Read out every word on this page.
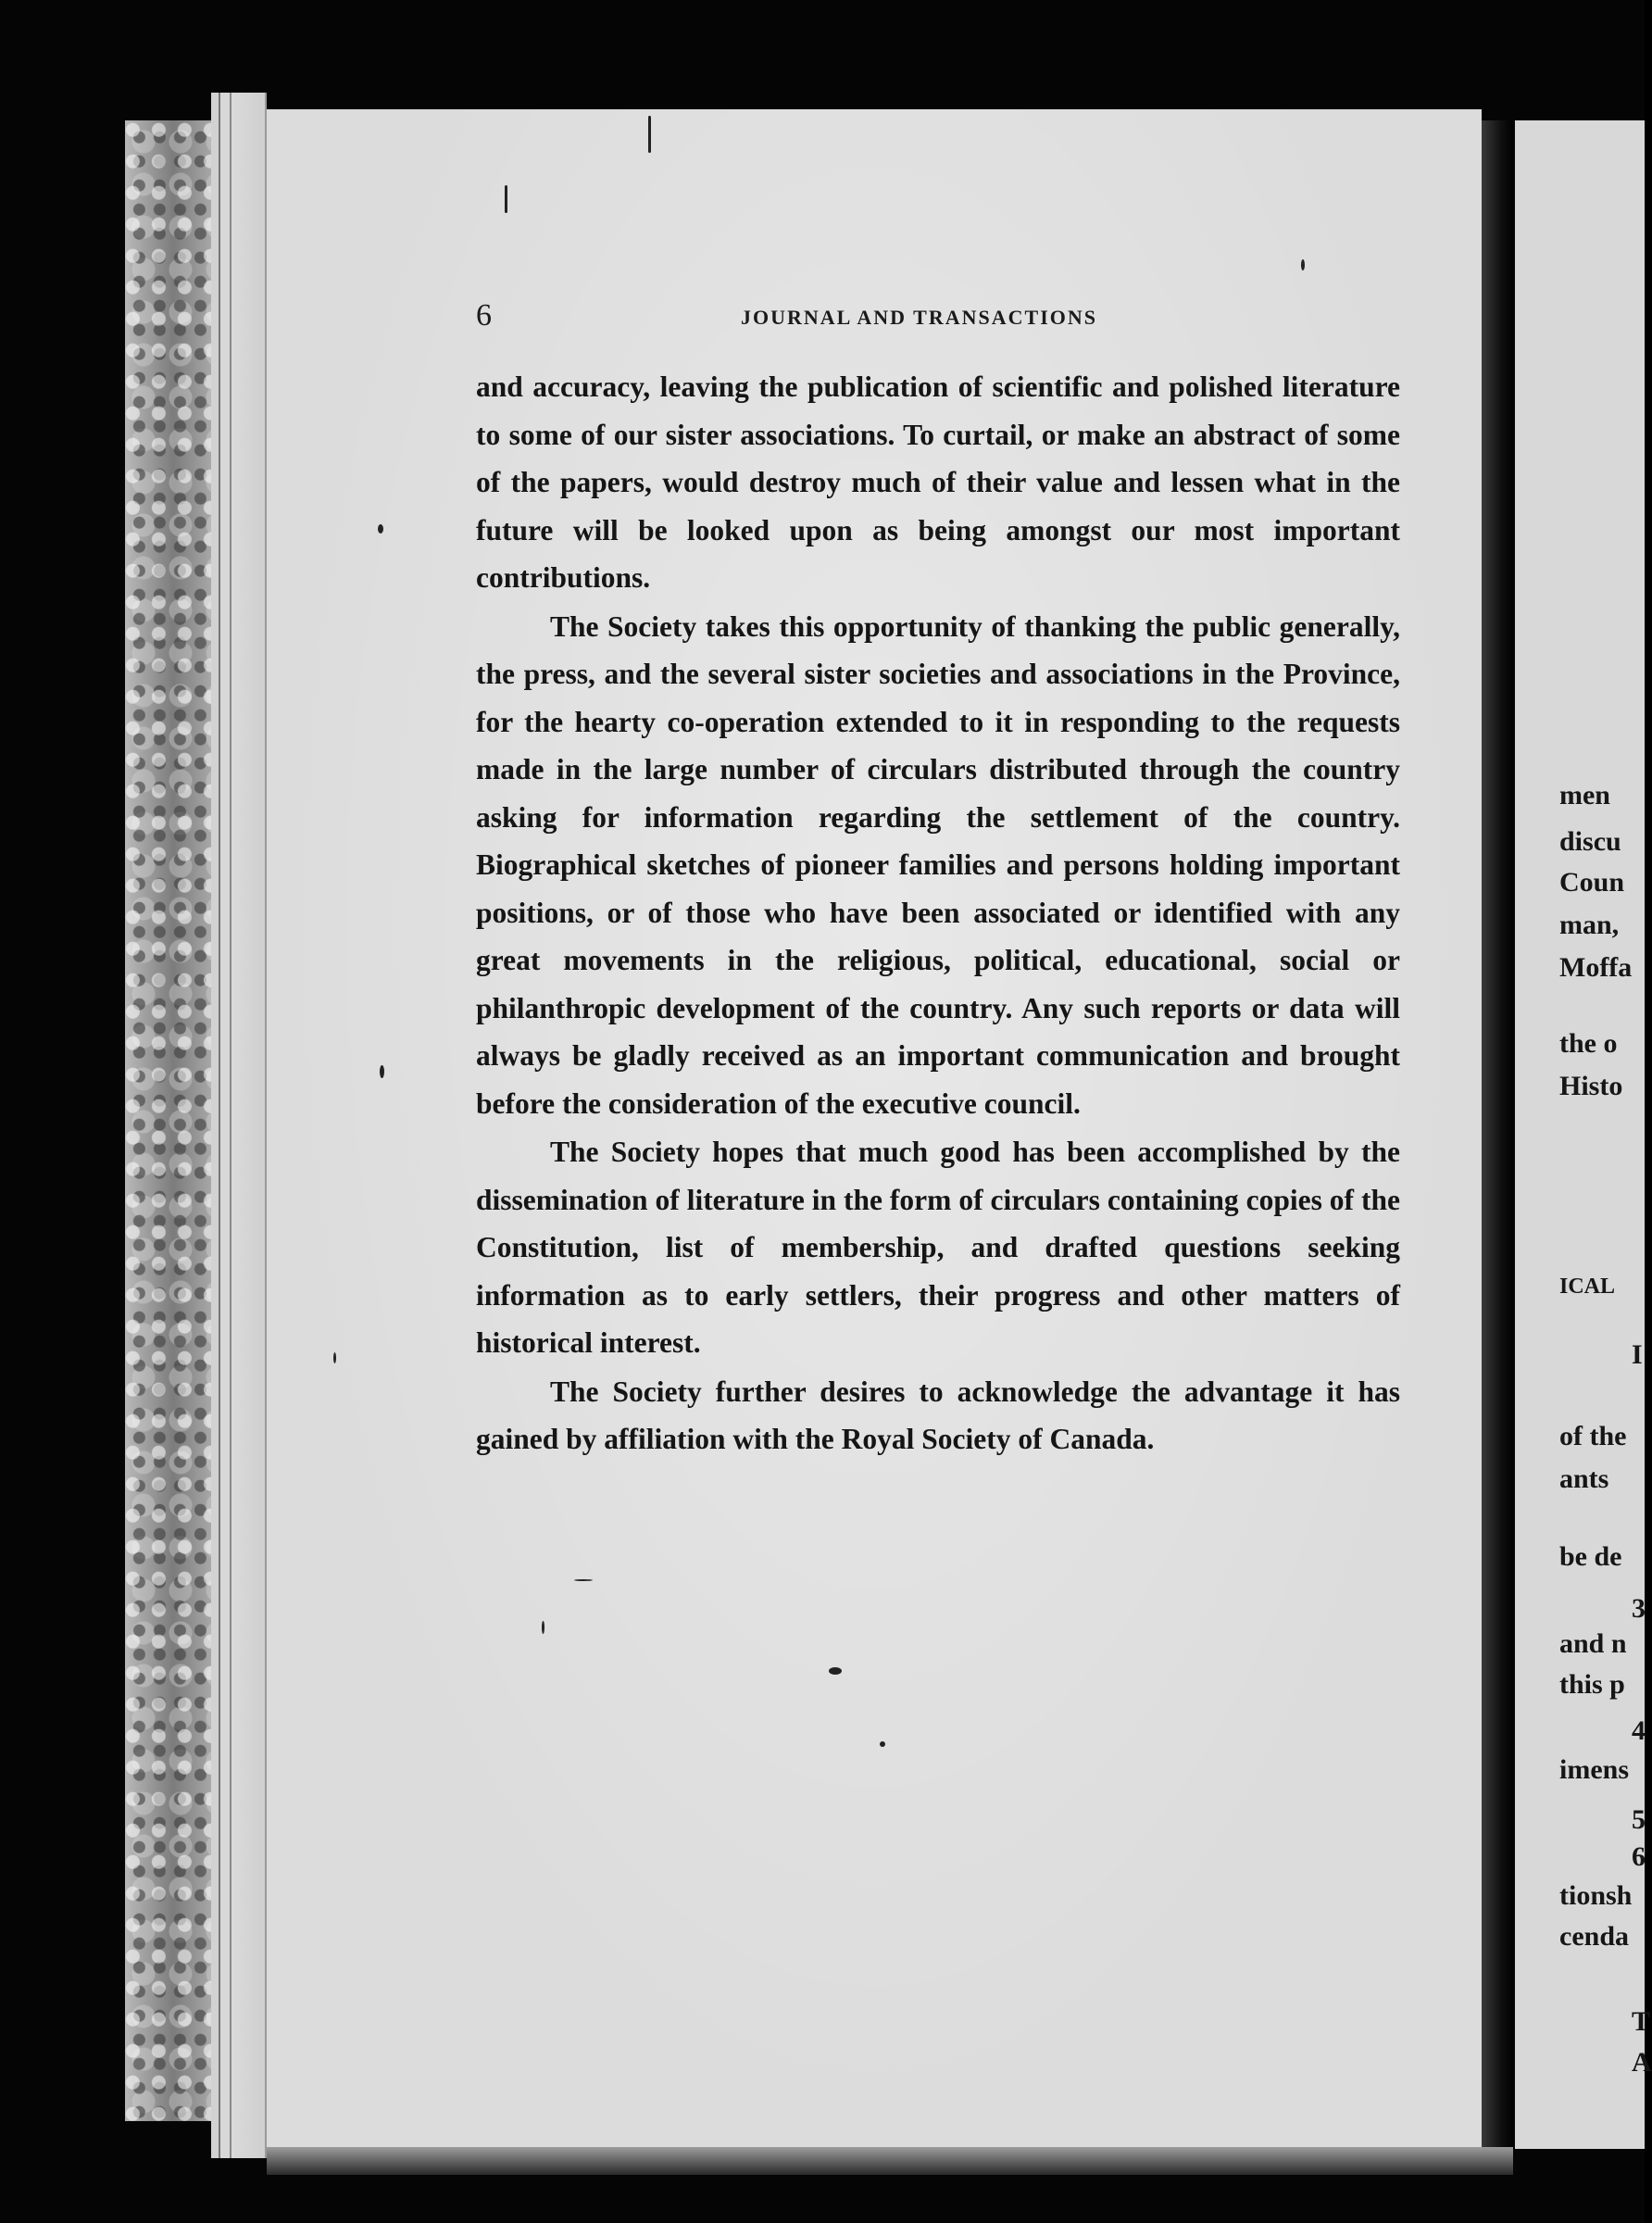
6	JOURNAL AND TRANSACTIONS

and accuracy, leaving the publication of scientific and polished literature to some of our sister associations. To curtail, or make an abstract of some of the papers, would destroy much of their value and lessen what in the future will be looked upon as being amongst our most important contributions.

The Society takes this opportunity of thanking the public generally, the press, and the several sister societies and associations in the Province, for the hearty co-operation extended to it in responding to the requests made in the large number of circulars distributed through the country asking for information regarding the settlement of the country. Biographical sketches of pioneer families and persons holding important positions, or of those who have been associated or identified with any great movements in the religious, political, educational, social or philanthropic development of the country. Any such reports or data will always be gladly received as an important communication and brought before the consideration of the executive council.

The Society hopes that much good has been accomplished by the dissemination of literature in the form of circulars containing copies of the Constitution, list of membership, and drafted questions seeking information as to early settlers, their progress and other matters of historical interest.

The Society further desires to acknowledge the advantage it has gained by affiliation with the Royal Society of Canada.

men
discu
Coun
man,
Moffa
the o
Histo
ICAL
I
of the
ants
be de
3
and n
this p
4
imens
5
6
tionsh
cenda
T
A
